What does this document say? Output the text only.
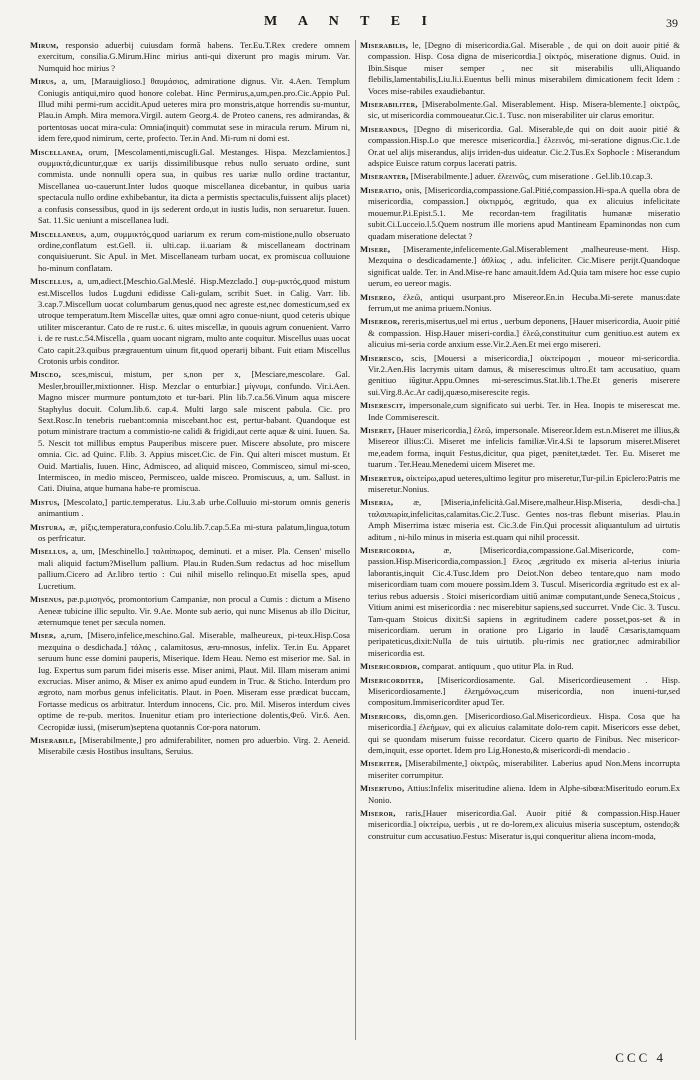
M A N T E I	39

Mirum, responsio aduerbij cuiusdam formã habens. Ter.Eu.T.Rex credere omnem exercitum, consilia.G.Mirum.Hinc mirius anti-qui dixerunt pro magis mirum. Var. Numquid hoc mirius ?

Mirus, a, um, [Marauiglioso.] θαυμάσιος, admiratione dignus. Vir. 4.Aen. Templum Coniugis antiqui,miro quod honore colebat. Hinc Permirus,a,um,pen.pro.Cic.Appio Pul. Illud mihi permi-rum accidit.Apud ueteres mira pro monstris,atque horrendis su-muntur, Plau.in Amph. Mira memora.Virgil. autem Georg.4. de Proteo canens, res admirandas, & portentosas uocat mira-cula: Omnia(inquit) commutat sese in miracula rerum. Mirum ni, idem fere,quod nimirum, certe, profecto. Ter.in And. Mi-rum ni domi est.

Miscellanea, orum, [Mescolamenti,miscugli.Gal. Mestanges. Hispa. Mezclamientos.] συμμικτὰ,dicuntur,quæ ex uarijs dissimilibusque rebus nullo seruato ordine, sunt commista. unde nonnulli opera sua, in quibus res uariæ nullo ordine tractantur, Miscellanea uo-cauerunt.Inter ludos quoque miscellanea dicebantur, in quibus uaria spectacula nullo ordine exhibebantur, ita dicta a permistis spectaculis,fuissent alijs placet) a confusis consessibus, quod in ijs sederent ordo,ut in iustis ludis, non seruaretur. Iuuen. Sat. 11.Sic ueniunt a miscellanea ludi.

Miscellaneus, a,um, συμμικτός,quod uariarum ex rerum com-mistione,nullo obseruato ordine,conflatum est.Gell. ii. ulti.cap. ii.uariam & miscellaneam doctrinam conquisiuerunt. Sic Apul. in Met. Miscellaneam turbam uocat, ex promiscua colluuione ho-minum conflatam.

Miscellus, a, um,adiect.[Meschio.Gal.Meslé. Hisp.Mezclado.] συμ-μικτός,quod mistum est.Miscellos ludos Lugduni edidisse Cali-gulam, scribit Suet. in Calig. Varr. lib. 3.cap.7.Miscellum uocat columbarum genus,quod nec agreste est,nec domesticum,sed ex utroque temperatum.Item Miscellæ uites, quæ omni agro conue-niunt, quod ceteris ubique utiliter miscerantur. Cato de re rust.c. 6. uites miscellæ, in quouis agrum conuenient. Varro i. de re rust.c.54.Miscella , quam uocant nigram, multo ante coquitur. Miscellus uuas uocat Cato capit.23.quibus prægrauentum uinum fit,quod operarij bibant. Fuit etiam Miscellus Crotonis urbis conditor.

Misceo, sces,miscui, mistum, per s,non per x, [Mesciare,mescolare. Gal. Mesler,brouiller,mixtionner. Hisp. Mezclar o enturbiar.] μίγνυμι, confundo. Vir.i.Aen. Magno miscer murmure pontum,toto et tur-bari. Plin lib.7.ca.56.Vinum aqua miscere Staphylus docuit. Colum.lib.6. cap.4. Multi largo sale miscent pabula. Cic. pro Sext.Rosc.In tenebris ruebant:omnia miscebant.hoc est, pertur-babant. Quandoque est potum ministrare tractum a commistio-ne calidi & frigidi,aut certe aquæ & uini. Iuuen. Sa. 5. Nescit tot millibus emptus Pauperibus miscere puer. Miscere absolute, pro miscere omnia. Cic. ad Quinc. F.lib. 3. Appius miscet.Cic. de Fin. Qui alteri miscet mustum. Et Ouid. Martialis, Iuuen. Hinc, Admisceo, ad aliquid misceo, Commisceo, simul mi-sceo, Intermisceo, in medio misceo, Permisceo, ualde misceo. Promiscuus, a, um. Sallust. in Cati. Diuina, atque humana habe-re promiscua.

Mistus, [Mescolato,] partic.temperatus. Liu.3.ab urbe.Colluuio mi-storum omnis generis animantium .

Mistura, æ, μίξις,temperatura,confusio.Colu.lib.7.cap.5.Ea mi-stura palatum,lingua,totum os perfricatur.

Misellus, a, um, [Meschinello.] ταλαίπωρος, deminuti. et a miser. Pla. Censen' misello mali aliquid factum?Misellum pallium. Plau.in Ruden.Sum redactus ad hoc misellum pallium.Cicero ad Ar.libro tertio : Cui nihil misello relinquo.Et misella spes, apud Lucretium.

Misenus, pæ.p.μισηνός, promontorium Campaniæ, non procul a Cumis : dictum a Miseno Aeneæ tubicine illic sepulto. Vir. 9.Ae. Monte sub aerio, qui nunc Misenus ab illo Dicitur, æternumque tenet per sæcula nomen.

Miser, a,rum, [Misero,infelice,meschino.Gal. Miserable, malheureux, pi-teux.Hisp.Cosa mezquina o desdichada.] τάλας , calamitosus, æru-mnosus, infelix. Ter.in Eu. Apparet seruum hunc esse domini pauperis, Miserique. Idem Heau. Nemo est miserior me. Sal. in Iug. Expertus sum parum fidei miseris esse. Miser animi, Plaut. Mil. Illam miseram animi excrucias. Miser animo, & Miser ex animo apud eundem in Truc. & Sticho. Interdum pro ægroto, nam morbus genus infelicitatis. Plaut. in Poen. Miseram esse prædicat buccam, Fortasse medicus os arbitratur. Interdum innocens, Cic. pro. Mil. Miseros interdum cives optime de re-pub. meritos. Inuenitur etiam pro interiectione dolentis,Φεῦ. Vir.6. Aen. Cecropidæ iussi, (miserum)septena quotannis Cor-pora natorum.

Miserabile, [Miserabilmente,] pro admiferabiliter, nomen pro aduerbio. Virg. 2. Aeneid. Miserabile cæsis Hostibus insultans, Seruius.

Miserabilis, le, [Degno di misericordia.Gal. Miserable , de qui on doit auoir pitié & compassion. Hisp. Cosa digna de misericordia.] οἰκτρός, miseratione dignus. Ouid. in Ibin.Sisque miser semper , nec sit miserabilis ulli,Aliquando flebilis,lamentabilis,Liu.li.i.Euentus belli minus miserabilem dimicationem fecit Idem : Voces mise-rabiles exaudiebantur.

Miserabiliter, [Miserabolmente.Gal. Miserablement. Hisp. Misera-blemente.] οἰκτρῶς, sic, ut misericordia commoueatur.Cic.1. Tusc. non miserabiliter uir clarus emoritur.

Miserandus, [Degno di misericordia. Gal. Miserable,de qui on doit auoir pitié & compassion.Hisp.Lo que meresce misericordia.] ἐλεεινός, mi-seratione dignus.Cic.1.de Or.at uel alijs miserandus, alijs irriden-dus uideatur. Cic.2.Tus.Ex Sophocle : Miserandum adspice Euisce ratum corpus lacerati patris.

Miseranter, [Miserabilmente.] aduer. ἐλεεινῶς, cum miseratione . Gel.lib.10.cap.3.

Miseratio, onis, [Misericordia,compassione.Gal.Pitié,compassion.Hi-spa.A quella obra de misericordia, compassion.] οἰκτιρμός, ægritudo, qua ex alicuius infelicitate mouemur.P.i.Epist.5.1. Me recordan-tem fragilitatis humanæ miseratio subit.Ci.Lucceio.l.5.Quem nostrum ille moriens apud Mantineam Epaminondas non cum quadam miseratione delectat ?

Misere, [Miseramente,infelicemente.Gal.Miserablement ,malheureuse-ment. Hisp. Mezquina o desdicadamente.] ἀθλίως , adu. infeliciter. Cic.Misere perijt.Quandoque significat ualde. Ter. in And.Mise-re hanc amauit.Idem Ad.Quia tam misere hoc esse cupio uerum, eo uereor magis.

Misereo, ἐλεῶ, antiqui usurpant.pro Misereor.En.in Hecuba.Mi-serete manus:date ferrum,ut me anima priuem.Nonius.

Misereor, rereris,misertus,uel mi ertus , uerbum deponens, [Hauer misericordia, Auoir pitié & compassion. Hisp.Hauer miseri-cordia.] ἐλεῶ,constituitur cum genitiuo.est autem ex alicuius mi-seria corde anxium esse.Vir.2.Aen.Et mei ergo misereri.

Miseresco, scis, [Mouersi a misericordia,] οἰκτείρομαι , moueor mi-sericordia. Vir.2.Aen.His lacrymis uitam damus, & miserescimus ultro.Et tam accusatiuo, quam genitiuo iūgitur.Appu.Omnes mi-serescimus.Stat.lib.1.The.Et generis miserere sui.Virg.8.Ac.Ar cadij,quæso,miserescite regis.

Miserescit, impersonale,cum significato sui uerbi. Ter. in Hea. Inopis te miserescat me. Inde Commiserescit.

Miseret, [Hauer misericordia,] ἐλεῶ, impersonale. Misereor.Idem est.n.Miseret me illius,& Misereor illius:Ci. Miseret me infelicis familiæ.Vir.4.Si te lapsorum miseret.Miseret me,eadem forma, inquit Festus,dicitur, qua piget, pænitet,tædet. Ter. Eu. Miseret me tuarum . Ter.Heau.Menedemi uicem Miseret me.

Miseretur, οἰκτείρω,apud ueteres,ultimo legitur pro miseretur,Tur-pil.in Epiclero:Patris me miseretur.Nonius.

Miseria, æ, [Miseria,infelicità.Gal.Misere,malheur.Hisp.Miseria, desdi-cha.] ταλαιπωρία,infelicitas,calamitas.Cic.2.Tusc. Gentes nos-tras flebunt miserias. Plau.in Amph Miserrima istæc miseria est. Cic.3.de Fin.Qui processit aliquantulum ad uirtutis aditum , ni-hilo minus in miseria est.quam qui nihil processit.

Misericordia,	æ, [Misericordia,compassione.Gal.Misericorde, com-passion.Hisp.Misericordia,compassion.] ἔλεος ,ægritudo ex miseria al-terius iniuria laborantis,inquit Cic.4.Tusc.Idem pro Deiot.Non debeo tentare,quo nam modo misericordiam tuam com mouere possim.Idem 3. Tuscul. Misericordia ægritudo est ex al-terius rebus aduersis . Stoici misericordiam uitiū animæ computant,unde Seneca,Stoicus , Vitium animi est misericordia : nec miserebitur sapiens,sed succurret. Vnde Cic. 3. Tuscu. Tam-quam Stoicus dixit:Si sapiens in ægritudinem cadere posset,pos-set & in misericordiam. uerum in oratione pro Ligario in laudē Cæsaris,tamquam peripateticus,dixit:Nulla de tuis uirtutib. plu-rimis nec gratior,nec admirabilior misericordia est.

Misericordior, comparat. antiquum , quo utitur Pla. in Rud.

Misericorditer, [Misericordiosamente. Gal. Misericordieusement . Hisp. Misericordiosamente.] ἐλεημόνως,cum misericordia, non inueni-tur,sed compositum.Immisericorditer apud Ter.

Misericors, dis,omn.gen. [Misericordioso.Gal.Misericordieux. Hispa. Cosa que ha misericordia.] ἐλεήμων, qui ex alicuius calamitate dolo-rem capit. Misericors esse debet, qui se quondam miserum fuisse recordatur. Cicero quarto de Finibus. Nec misericor-dem,inquit, esse oportet. Idem pro Lig.Honesto,& misericordi-di mendacio .

Miseriter, [Miserabilmente,] οἰκτρῶς, miserabiliter. Laberius apud Non.Mens incorrupta miseriter corrumpitur.

Misertudo, Attius:Infelix miseritudine aliena. Idem in Alphe-sibœa:Miseritudo eorum.Ex Nonio.

Miseror, raris,[Hauer misericordia.Gal. Auoir pitié & compassion.Hisp.Hauer misericordia.] οἰκτείρω, uerbis , ut re do-lorem,ex alicuius miseria susceptum, ostendo;& construitur cum accusatiuo.Festus: Miseratur is,qui conqueritur aliena incom-moda,

CCC 4
